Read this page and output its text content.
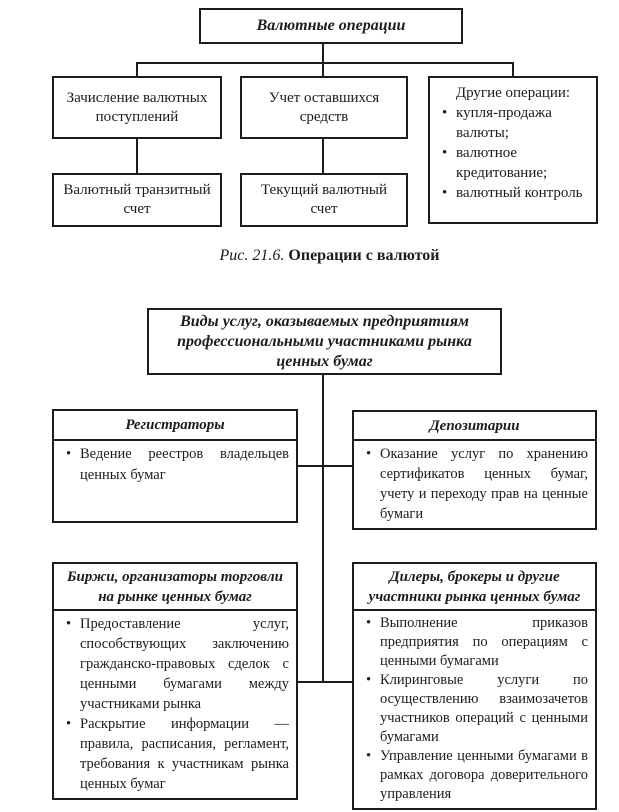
Валютные операции
Зачисление валютных поступлений
Учет оставшихся средств
Другие операции:
• купля-продажа валюты;
• валютное кредитование;
• валютный контроль
Валютный транзитный счет
Текущий валютный счет
Рис. 21.6. Операции с валютой
Виды услуг, оказываемых предприятиям профессиональными участниками рынка ценных бумаг
Регистраторы
• Ведение реестров владельцев ценных бумаг
Депозитарии
• Оказание услуг по хранению сертификатов ценных бумаг, учету и переходу прав на ценные бумаги
Биржи, организаторы торговли на рынке ценных бумаг
• Предоставление услуг, способствующих заключению гражданско-правовых сделок с ценными бумагами между участниками рынка
• Раскрытие информации — правила, расписания, регламент, требования к участникам рынка ценных бумаг
Дилеры, брокеры и другие участники рынка ценных бумаг
• Выполнение приказов предприятия по операциям с ценными бумагами
• Клиринговые услуги по осуществлению взаимозачетов участников операций с ценными бумагами
• Управление ценными бумагами в рамках договора доверительного управления
